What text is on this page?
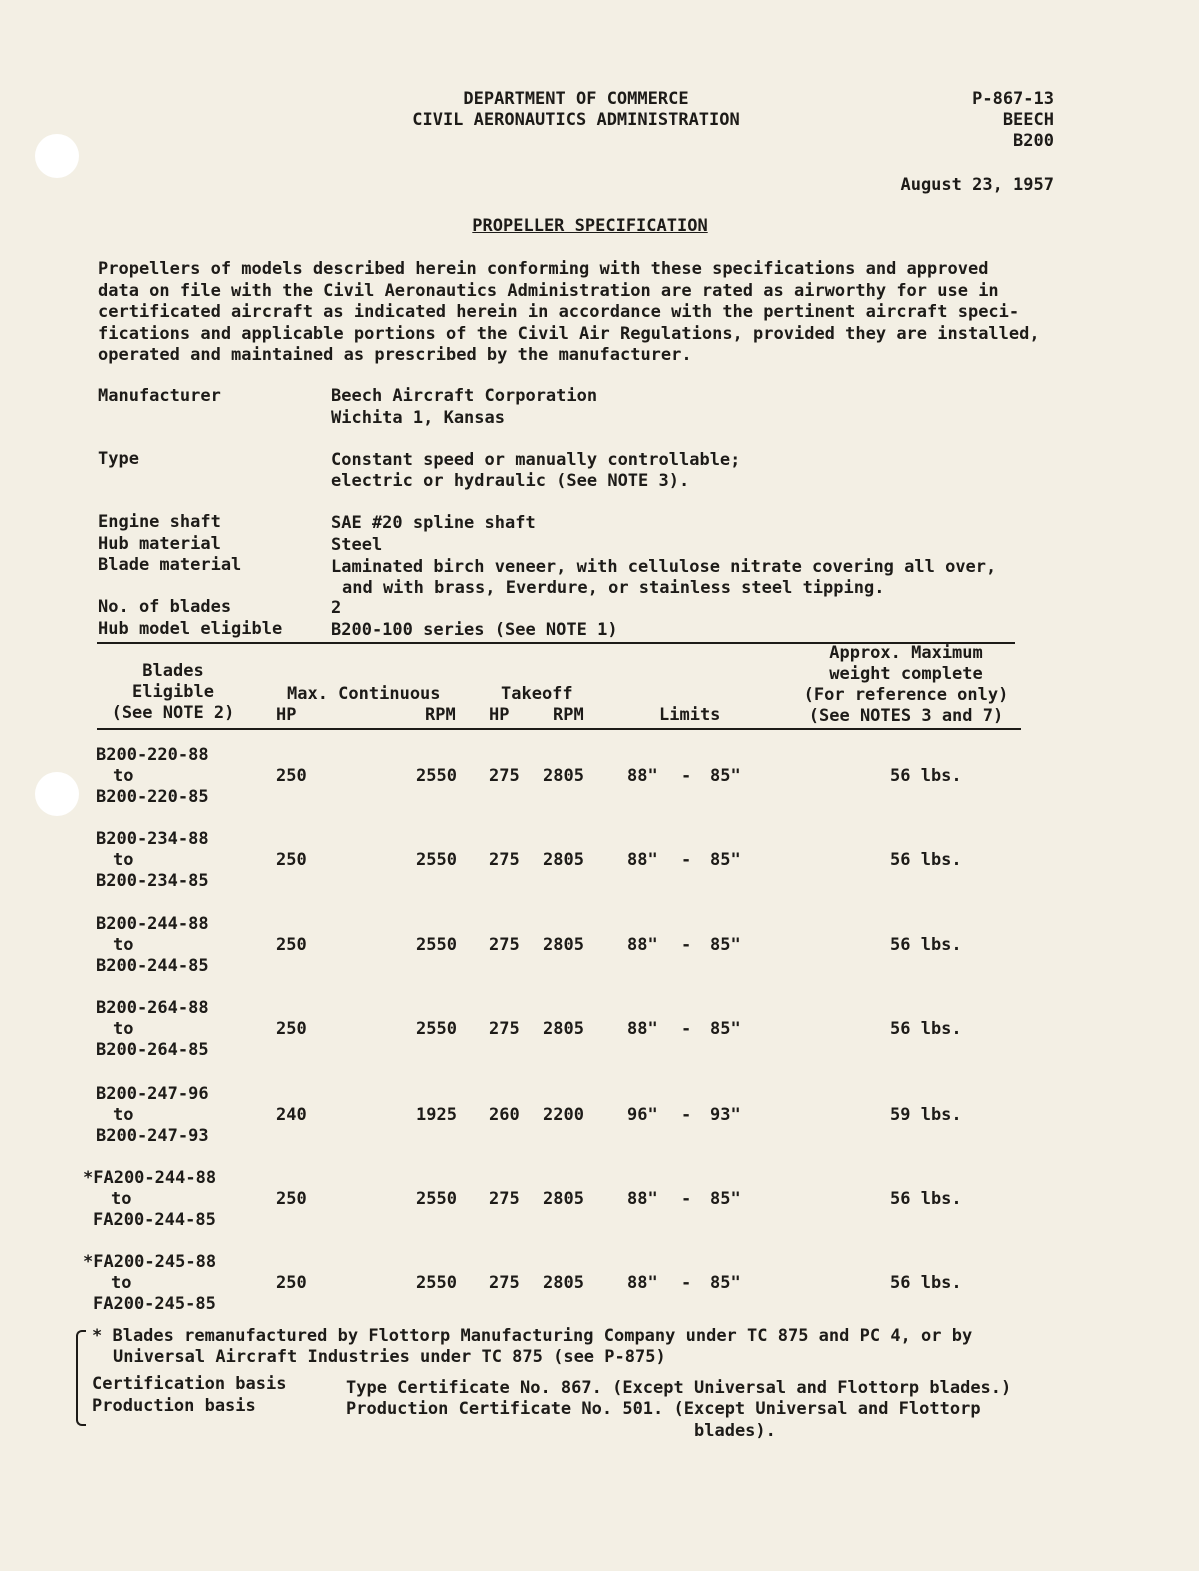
DEPARTMENT OF COMMERCE
CIVIL AERONAUTICS ADMINISTRATION
P-867-13
BEECH
B200
August 23, 1957
PROPELLER SPECIFICATION
Propellers of models described herein conforming with these specifications and approved
data on file with the Civil Aeronautics Administration are rated as airworthy for use in
certificated aircraft as indicated herein in accordance with the pertinent aircraft speci-
fications and applicable portions of the Civil Air Regulations, provided they are installed,
operated and maintained as prescribed by the manufacturer.
Manufacturer	Beech Aircraft Corporation
Wichita 1, Kansas
Type	Constant speed or manually controllable;
electric or hydraulic (See NOTE 3).
Engine shaft	SAE #20 spline shaft
Hub material	Steel
Blade material	Laminated birch veneer, with cellulose nitrate covering all over,
and with brass, Everdure, or stainless steel tipping.
No. of blades	2
Hub model eligible	B200-100 series (See NOTE 1)
Blades
Eligible
(See NOTE 2)
Max. Continuous
HP	RPM
Takeoff
HP	RPM	Limits
Approx. Maximum
weight complete
(For reference only)
(See NOTES 3 and 7)
B200-220-88
to
B200-220-85
250	2550 275 2805	88" - 85"	56 lbs.
B200-234-88
to
B200-234-85
250	2550 275 2805	88" - 85"	56 lbs.
B200-244-88
to
B200-244-85
250	2550 275 2805	88" - 85"	56 lbs.
B200-264-88
to
B200-264-85
250	2550 275 2805	88" - 85"	56 lbs.
B200-247-96
to
B200-247-93
240	1925 260 2200	96" - 93"	59 lbs.
*FA200-244-88
to
FA200-244-85
250	2550 275 2805	88" - 85"	56 lbs.
*FA200-245-88
to
FA200-245-85
250	2550 275 2805	88" - 85"	56 lbs.
* Blades remanufactured by Flottorp Manufacturing Company under TC 875 and PC 4, or by
Universal Aircraft Industries under TC 875 (see P-875)
Certification basis	Type Certificate No. 867. (Except Universal and Flottorp blades.)
Production basis	Production Certificate No. 501. (Except Universal and Flottorp
blades).
